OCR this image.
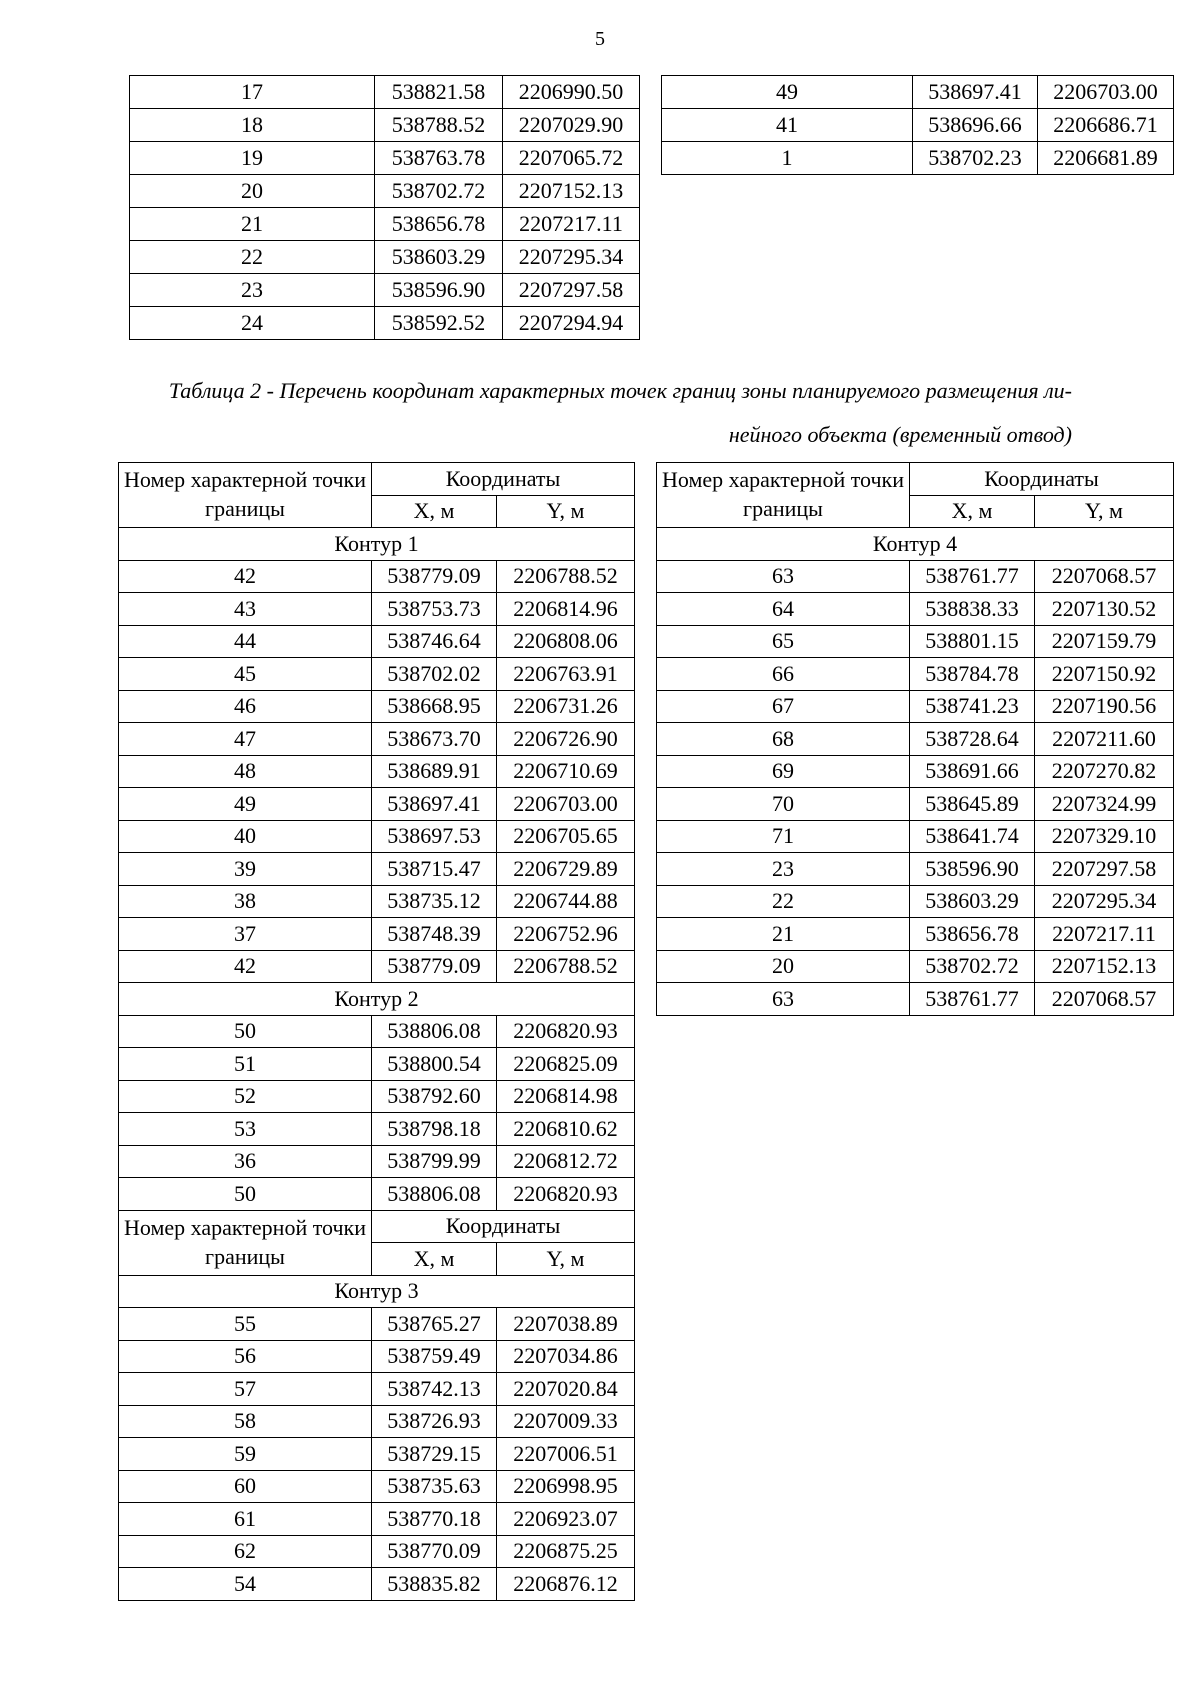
5
17	538821.58	2206990.50
18	538788.52	2207029.90
19	538763.78	2207065.72
20	538702.72	2207152.13
21	538656.78	2207217.11
22	538603.29	2207295.34
23	538596.90	2207297.58
24	538592.52	2207294.94
49	538697.41	2206703.00
41	538696.66	2206686.71
1	538702.23	2206681.89
Таблица 2 - Перечень координат характерных точек границ зоны планируемого размещения ли-
нейного объекта (временный отвод)
Номер характерной точки границы	Координаты	
	X, м	Y, м
Контур 1		
42	538779.09	2206788.52
43	538753.73	2206814.96
44	538746.64	2206808.06
45	538702.02	2206763.91
46	538668.95	2206731.26
47	538673.70	2206726.90
48	538689.91	2206710.69
49	538697.41	2206703.00
40	538697.53	2206705.65
39	538715.47	2206729.89
38	538735.12	2206744.88
37	538748.39	2206752.96
42	538779.09	2206788.52
Контур 2		
50	538806.08	2206820.93
51	538800.54	2206825.09
52	538792.60	2206814.98
53	538798.18	2206810.62
36	538799.99	2206812.72
50	538806.08	2206820.93
Номер характерной точки границы	Координаты	
	X, м	Y, м
Контур 3		
55	538765.27	2207038.89
56	538759.49	2207034.86
57	538742.13	2207020.84
58	538726.93	2207009.33
59	538729.15	2207006.51
60	538735.63	2206998.95
61	538770.18	2206923.07
62	538770.09	2206875.25
54	538835.82	2206876.12
Номер характерной точки границы	Координаты	
	X, м	Y, м
Контур 4		
63	538761.77	2207068.57
64	538838.33	2207130.52
65	538801.15	2207159.79
66	538784.78	2207150.92
67	538741.23	2207190.56
68	538728.64	2207211.60
69	538691.66	2207270.82
70	538645.89	2207324.99
71	538641.74	2207329.10
23	538596.90	2207297.58
22	538603.29	2207295.34
21	538656.78	2207217.11
20	538702.72	2207152.13
63	538761.77	2207068.57
